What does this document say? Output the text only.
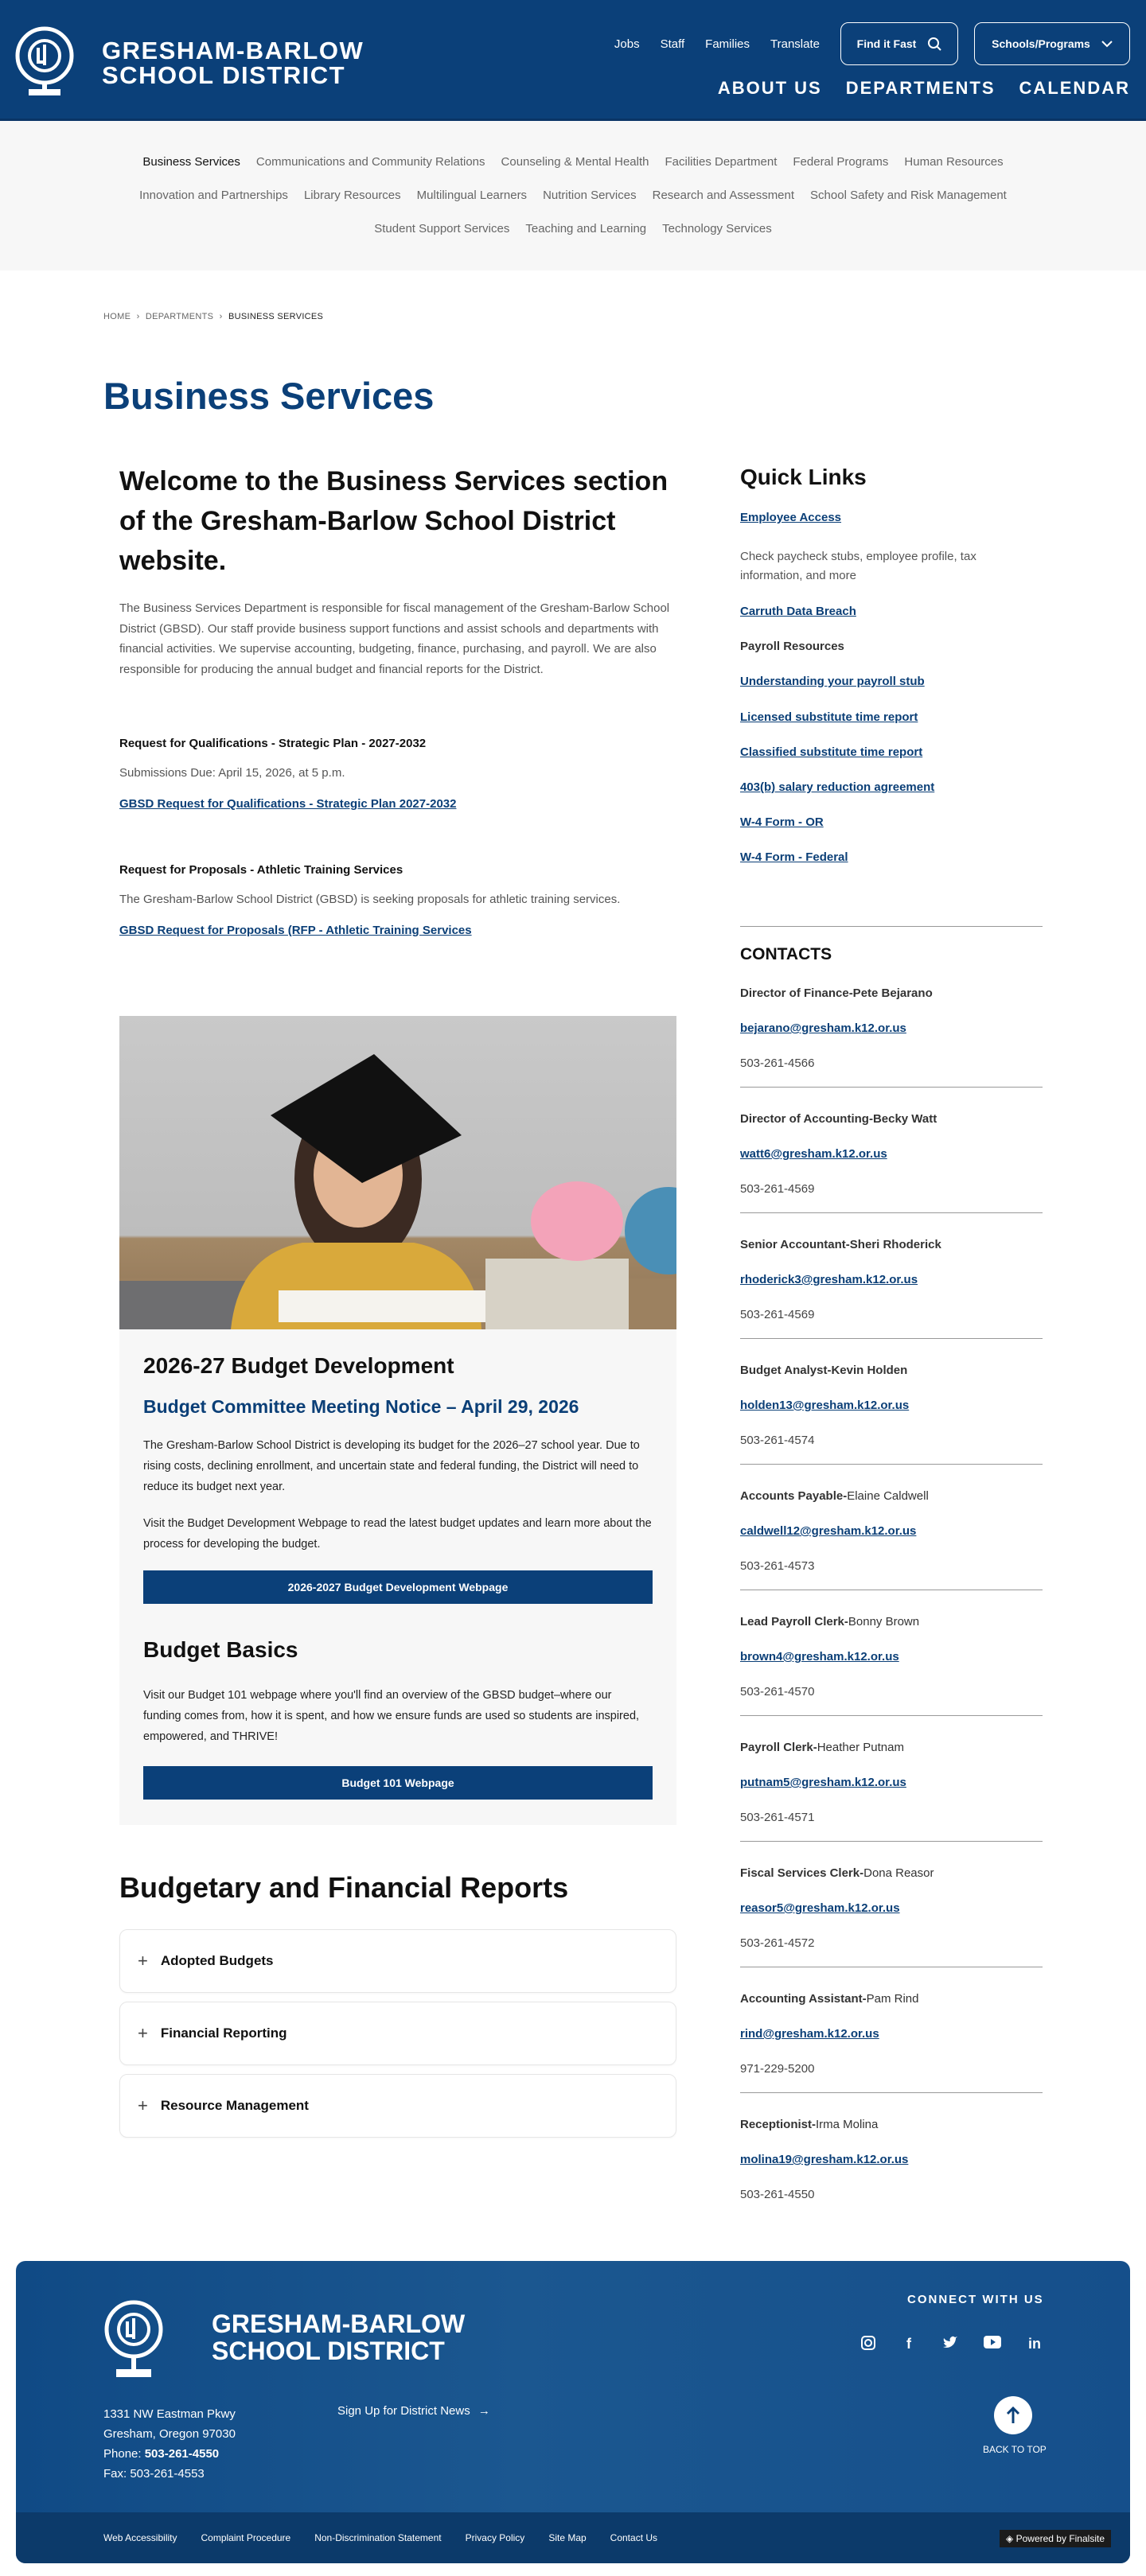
GRESHAM-BARLOW
SCHOOL DISTRICT
Jobs Staff Families Translate	Find it Fast	Schools/Programs
ABOUT US DEPARTMENTS CALENDAR
Business Services Communications and Community Relations Counseling & Mental Health Facilities Department Federal Programs Human Resources
Innovation and Partnerships Library Resources Multilingual Learners Nutrition Services Research and Assessment School Safety and Risk Management
Student Support Services Teaching and Learning Technology Services
HOME › DEPARTMENTS › BUSINESS SERVICES
Business Services
Welcome to the Business Services section of the Gresham-Barlow School District website.

The Business Services Department is responsible for fiscal management of the Gresham-Barlow School District (GBSD). Our staff provide business support functions and assist schools and departments with financial activities. We supervise accounting, budgeting, finance, purchasing, and payroll. We are also responsible for producing the annual budget and financial reports for the District.

Request for Qualifications - Strategic Plan - 2027-2032
Submissions Due: April 15, 2026, at 5 p.m.
GBSD Request for Qualifications - Strategic Plan 2027-2032
Request for Proposals - Athletic Training Services
The Gresham-Barlow School District (GBSD) is seeking proposals for athletic training services.
GBSD Request for Proposals (RFP - Athletic Training Services
2026-27 Budget Development
Budget Committee Meeting Notice – April 29, 2026

The Gresham-Barlow School District is developing its budget for the 2026–27 school year. Due to rising costs, declining enrollment, and uncertain state and federal funding, the District will need to reduce its budget next year.

Visit the Budget Development Webpage to read the latest budget updates and learn more about the process for developing the budget.

2026-2027 Budget Development Webpage
Budget Basics

Visit our Budget 101 webpage where you'll find an overview of the GBSD budget–where our funding comes from, how it is spent, and how we ensure funds are used so students are inspired, empowered, and THRIVE!

Budget 101 Webpage
Budgetary and Financial Reports
+ Adopted Budgets
+ Financial Reporting
+ Resource Management
Quick Links
Employee Access
Check paycheck stubs, employee profile, tax information, and more
Carruth Data Breach
Payroll Resources
Understanding your payroll stub
Licensed substitute time report
Classified substitute time report
403(b) salary reduction agreement
W-4 Form - OR
W-4 Form - Federal
CONTACTS
Director of Finance-Pete Bejarano
bejarano@gresham.k12.or.us
503-261-4566
Director of Accounting-Becky Watt
watt6@gresham.k12.or.us
503-261-4569
Senior Accountant-Sheri Rhoderick
rhoderick3@gresham.k12.or.us
503-261-4569
Budget Analyst-Kevin Holden
holden13@gresham.k12.or.us
503-261-4574
Accounts Payable-Elaine Caldwell
caldwell12@gresham.k12.or.us
503-261-4573
Lead Payroll Clerk-Bonny Brown
brown4@gresham.k12.or.us
503-261-4570
Payroll Clerk-Heather Putnam
putnam5@gresham.k12.or.us
503-261-4571
Fiscal Services Clerk-Dona Reasor
reasor5@gresham.k12.or.us
503-261-4572
Accounting Assistant-Pam Rind
rind@gresham.k12.or.us
971-229-5200
Receptionist-Irma Molina
molina19@gresham.k12.or.us
503-261-4550
GRESHAM-BARLOW
SCHOOL DISTRICT
1331 NW Eastman Pkwy
Gresham, Oregon 97030
Phone: 503-261-4550
Fax: 503-261-4553
Sign Up for District News →
CONNECT WITH US
f	in
BACK TO TOP
Web Accessibility	Complaint Procedure	Non-Discrimination Statement	Privacy Policy	Site Map	Contact Us	◈ Powered by Finalsite
